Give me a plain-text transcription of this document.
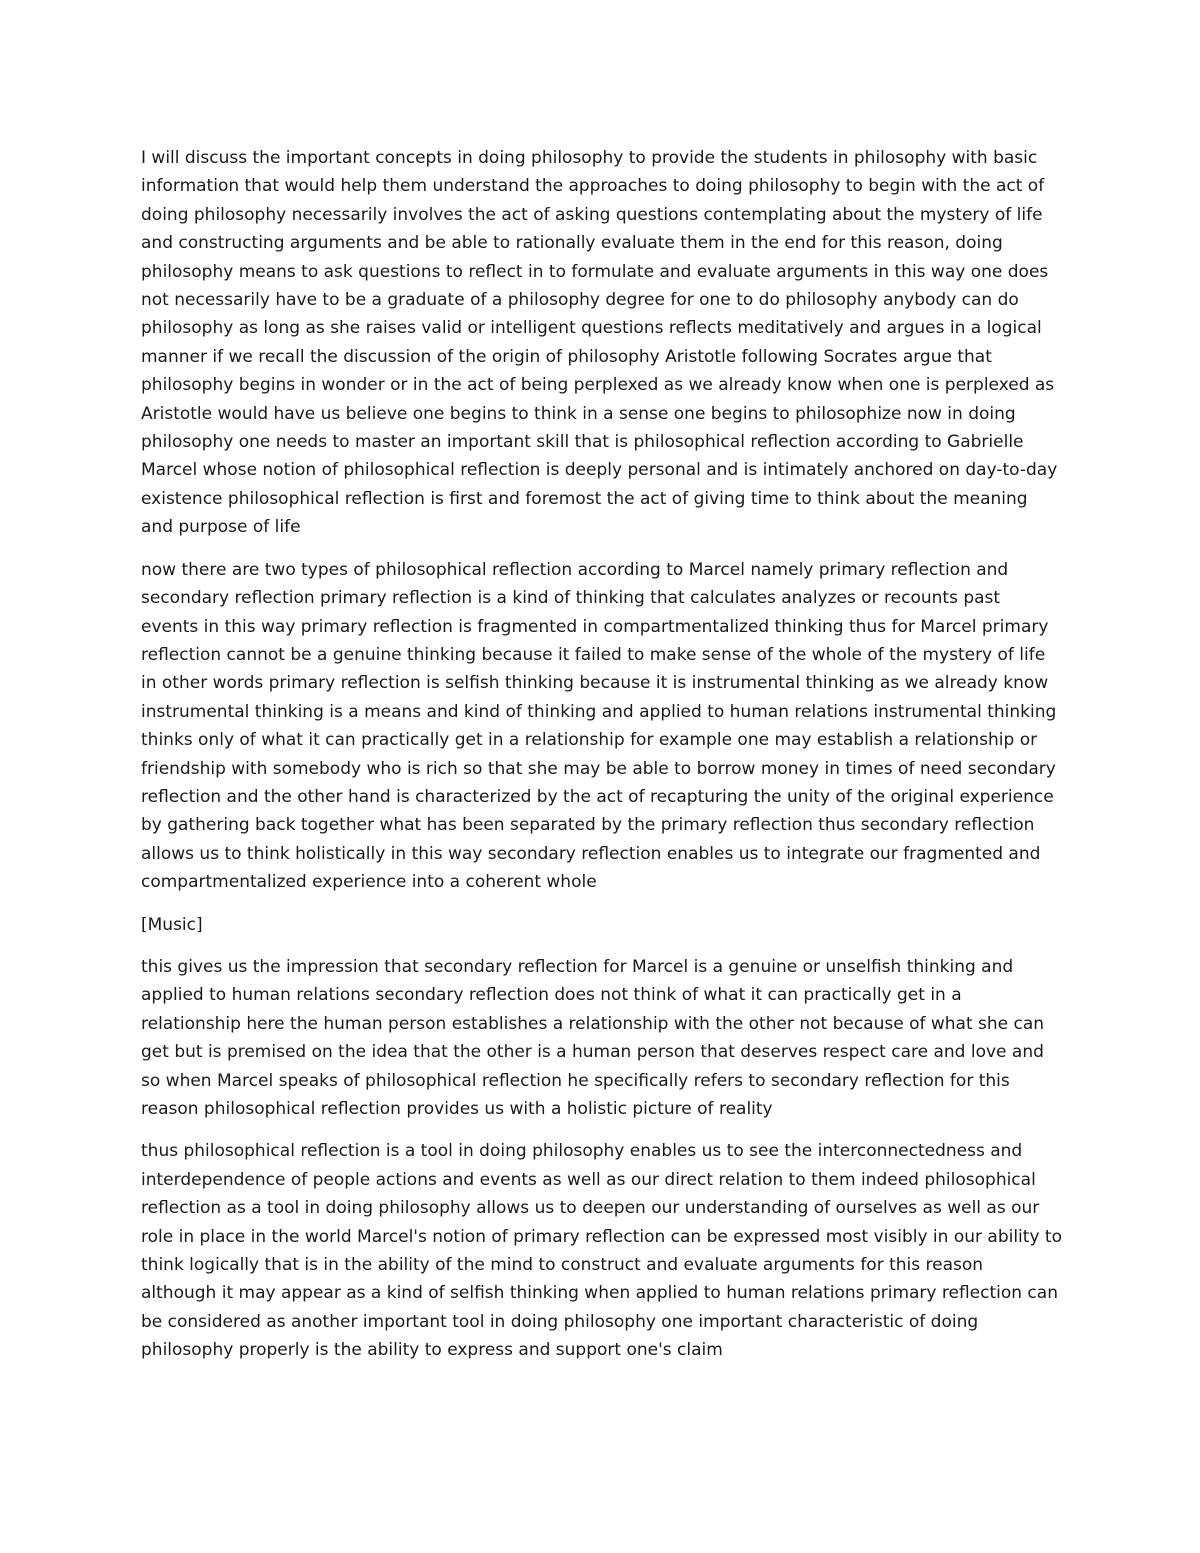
I will discuss the important concepts in doing philosophy to provide the students in philosophy with basic information that would help them understand the approaches to doing philosophy to begin with the act of doing philosophy necessarily involves the act of asking questions contemplating about the mystery of life and constructing arguments and be able to rationally evaluate them in the end for this reason, doing philosophy means to ask questions to reflect in to formulate and evaluate arguments in this way one does not necessarily have to be a graduate of a philosophy degree for one to do philosophy anybody can do philosophy as long as she raises valid or intelligent questions reflects meditatively and argues in a logical manner if we recall the discussion of the origin of philosophy Aristotle following Socrates argue that philosophy begins in wonder or in the act of being perplexed as we already know when one is perplexed as Aristotle would have us believe one begins to think in a sense one begins to philosophize now in doing philosophy one needs to master an important skill that is philosophical reflection according to Gabrielle Marcel whose notion of philosophical reflection is deeply personal and is intimately anchored on day-to-day existence philosophical reflection is first and foremost the act of giving time to think about the meaning and purpose of life

now there are two types of philosophical reflection according to Marcel namely primary reflection and secondary reflection primary reflection is a kind of thinking that calculates analyzes or recounts past events in this way primary reflection is fragmented in compartmentalized thinking thus for Marcel primary reflection cannot be a genuine thinking because it failed to make sense of the whole of the mystery of life in other words primary reflection is selfish thinking because it is instrumental thinking as we already know instrumental thinking is a means and kind of thinking and applied to human relations instrumental thinking thinks only of what it can practically get in a relationship for example one may establish a relationship or friendship with somebody who is rich so that she may be able to borrow money in times of need secondary reflection and the other hand is characterized by the act of recapturing the unity of the original experience by gathering back together what has been separated by the primary reflection thus secondary reflection allows us to think holistically in this way secondary reflection enables us to integrate our fragmented and compartmentalized experience into a coherent whole

[Music]

this gives us the impression that secondary reflection for Marcel is a genuine or unselfish thinking and applied to human relations secondary reflection does not think of what it can practically get in a relationship here the human person establishes a relationship with the other not because of what she can get but is premised on the idea that the other is a human person that deserves respect care and love and so when Marcel speaks of philosophical reflection he specifically refers to secondary reflection for this reason philosophical reflection provides us with a holistic picture of reality

thus philosophical reflection is a tool in doing philosophy enables us to see the interconnectedness and interdependence of people actions and events as well as our direct relation to them indeed philosophical reflection as a tool in doing philosophy allows us to deepen our understanding of ourselves as well as our role in place in the world Marcel's notion of primary reflection can be expressed most visibly in our ability to think logically that is in the ability of the mind to construct and evaluate arguments for this reason although it may appear as a kind of selfish thinking when applied to human relations primary reflection can be considered as another important tool in doing philosophy one important characteristic of doing philosophy properly is the ability to express and support one's claim
